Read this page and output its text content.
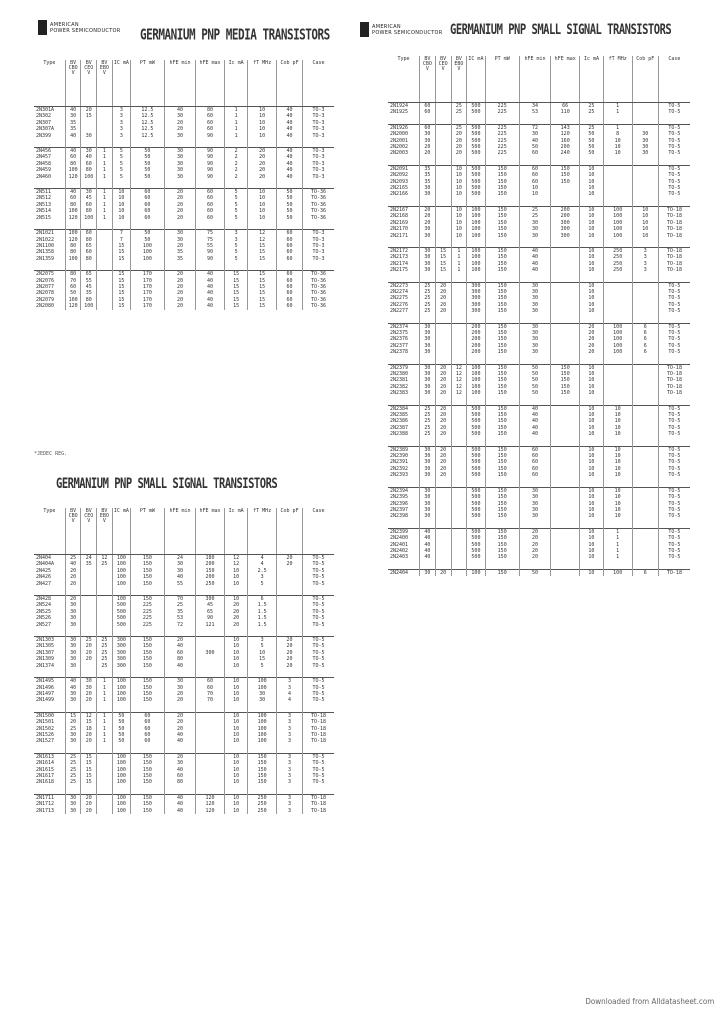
AMERICAN
POWER SEMICONDUCTOR GERMANIUM PNP MEDIA TRANSISTORS
Type	BV CBO V	BV CEO V	BV EBO V	IC mA	PT mW	hFE min	hFE max	Ic mA	fT MHz	Cob pF	Case
2N301A	40	20		3	12.5	40	80	1	10	40	TO-3
2N302	30	15		3	12.5	30	60	1	10	40	TO-3
2N307	35			3	12.5	20	60	1	10	40	TO-3
2N307A	35			3	12.5	20	60	1	10	40	TO-3
2N399	40	30		3	12.5	30	90	1	10	40	TO-3

2N456	40	30	1	5	50	30	90	2	20	40	TO-3
2N457	60	40	1	5	50	30	90	2	20	40	TO-3
2N458	80	60	1	5	50	30	90	2	20	40	TO-3
2N459	100	80	1	5	50	30	90	2	20	40	TO-3
2N460	120	100	1	5	50	30	90	2	20	40	TO-3

2N511	40	30	1	10	60	20	60	5	10	50	TO-36
2N512	60	45	1	10	60	20	60	5	10	50	TO-36
2N513	80	60	1	10	60	20	60	5	10	50	TO-36
2N514	100	80	1	10	60	20	60	5	10	50	TO-36
2N515	120	100	1	10	60	20	60	5	10	50	TO-36

2N1021	100	60		7	50	30	75	3	12	60	TO-3
2N1022	120	80		7	50	30	75	3	12	60	TO-3
2N1100	80	65		15	100	20	55	5	15	60	TO-3
2N1358	80	60		15	100	35	90	5	15	60	TO-3
2N1359	100	80		15	100	35	90	5	15	60	TO-3

2N2075	80	65		15	170	20	40	15	15	60	TO-36
2N2076	70	55		15	170	20	40	15	15	60	TO-36
2N2077	60	45		15	170	20	40	15	15	60	TO-36
2N2078	50	35		15	170	20	40	15	15	60	TO-36
2N2079	100	80		15	170	20	40	15	15	60	TO-36
2N2080	120	100		15	170	20	40	15	15	60	TO-36
*JEDEC REG.
GERMANIUM PNP SMALL SIGNAL TRANSISTORS
Type	BV CBO V	BV CEO V	BV EBO V	IC mA	PT mW	hFE min	hFE max	Ic mA	fT MHz	Cob pF	Case
2N404	25	24	12	100	150	24	180	12	4	20	TO-5
2N404A	40	35	25	100	150	30	200	12	4	20	TO-5
2N425	20			100	150	30	150	10	2.5		TO-5
2N426	20			100	150	40	200	10	3		TO-5
2N427	20			100	150	55	250	10	5		TO-5

2N428	20			100	150	70	300	10	6		TO-5
2N524	30			500	225	25	45	20	1.5		TO-5
2N525	30			500	225	35	65	20	1.5		TO-5
2N526	30			500	225	53	90	20	1.5		TO-5
2N527	30			500	225	72	121	20	1.5		TO-5

2N1303	30	25	25	300	150	20		10	3	20	TO-5
2N1305	30	20	25	300	150	40		10	5	20	TO-5
2N1307	30	20	25	300	150	60	300	10	10	20	TO-5
2N1309	30	20	25	300	150	80		10	15	20	TO-5
2N1374	30		25	300	150	40		10	5	20	TO-5

2N1495	40	30	1	100	150	30	60	10	100	3	TO-5
2N1496	40	30	1	100	150	30	60	10	100	3	TO-5
2N1497	30	20	1	100	150	20	70	10	30	4	TO-5
2N1499	30	20	1	100	150	20	70	10	30	4	TO-5

2N1500	15	12	1	50	60	20		10	100	3	TO-18
2N1501	20	15	1	50	60	20		10	100	3	TO-18
2N1502	25	18	1	50	60	20		10	100	3	TO-18
2N1526	30	20	1	50	60	40		10	100	3	TO-18
2N1527	30	20	1	50	60	40		10	100	3	TO-18

2N1613	25	15		100	150	20		10	150	3	TO-5
2N1614	25	15		100	150	30		10	150	3	TO-5
2N1615	25	15		100	150	40		10	150	3	TO-5
2N1617	25	15		100	150	60		10	150	3	TO-5
2N1618	25	15		100	150	80		10	150	3	TO-5

2N1711	30	20		100	150	40	120	10	250	3	TO-18
2N1712	30	20		100	150	40	120	10	250	3	TO-18
2N1713	30	20		100	150	40	120	10	250	3	TO-18
AMERICAN
POWER SEMICONDUCTOR GERMANIUM PNP SMALL SIGNAL TRANSISTORS
Type	BV CBO V	BV CEO V	BV EBO V	IC mA	PT mW	hFE min	hFE max	Ic mA	fT MHz	Cob pF	Case
2N1924	60		25	500	225	34	66	25	1		TO-5
2N1925	60		25	500	225	53	110	25	1		TO-5

2N1926	60		25	500	225	72	143	25	1		TO-5
2N2000	30		20	500	225	30	120	50	8	30	TO-5
2N2001	30		20	500	225	40	160	50	10	30	TO-5
2N2002	20		20	500	225	50	200	50	10	30	TO-5
2N2003	20		20	500	225	60	240	50	10	30	TO-5

2N2091	35		10	500	150	60	150	10			TO-5
2N2092	35		10	500	150	60	150	10			TO-5
2N2093	35		10	500	150	60	150	10			TO-5
2N2165	30		10	500	150	10		10			TO-5
2N2166	30		10	500	150	10		10			TO-5

2N2167	20		10	100	150	25	200	10	100	10	TO-18
2N2168	20		10	100	150	25	200	10	100	10	TO-18
2N2169	20		10	100	150	30	300	10	100	10	TO-18
2N2170	30		10	100	150	30	300	10	100	10	TO-18
2N2171	30		10	100	150	30	300	10	100	10	TO-18

2N2172	30	15	1	100	150	40		10	250	3	TO-18
2N2173	30	15	1	100	150	40		10	250	3	TO-18
2N2174	30	15	1	100	150	40		10	250	3	TO-18
2N2175	30	15	1	100	150	40		10	250	3	TO-18

2N2273	25	20		300	150	30		10			TO-5
2N2274	25	20		300	150	30		10			TO-5
2N2275	25	20		300	150	30		10			TO-5
2N2276	25	20		300	150	30		10			TO-5
2N2277	25	20		300	150	30		10			TO-5

2N2374	30			200	150	30		20	100	6	TO-5
2N2375	30			200	150	30		20	100	6	TO-5
2N2376	30			200	150	30		20	100	6	TO-5
2N2377	30			200	150	30		20	100	6	TO-5
2N2378	30			200	150	30		20	100	6	TO-5

2N2379	30	20	12	100	150	50	150	10			TO-18
2N2380	30	20	12	100	150	50	150	10			TO-18
2N2381	30	20	12	100	150	50	150	10			TO-18
2N2382	30	20	12	100	150	50	150	10			TO-18
2N2383	30	20	12	100	150	50	150	10			TO-18

2N2384	25	20		500	150	40		10	10		TO-5
2N2385	25	20		500	150	40		10	10		TO-5
2N2386	25	20		500	150	40		10	10		TO-5
2N2387	25	20		500	150	40		10	10		TO-5
2N2388	25	20		500	150	40		10	10		TO-5

2N2389	30	20		500	150	60		10	10		TO-5
2N2390	30	20		500	150	60		10	10		TO-5
2N2391	30	20		500	150	60		10	10		TO-5
2N2392	30	20		500	150	60		10	10		TO-5
2N2393	30	20		500	150	60		10	10		TO-5

2N2394	30			500	150	30		10	10		TO-5
2N2395	30			500	150	30		10	10		TO-5
2N2396	30			500	150	30		10	10		TO-5
2N2397	30			500	150	30		10	10		TO-5
2N2398	30			500	150	30		10	10		TO-5

2N2399	40			500	150	20		10	1		TO-5
2N2400	40			500	150	20		10	1		TO-5
2N2401	40			500	150	20		10	1		TO-5
2N2402	40			500	150	20		10	1		TO-5
2N2403	40			500	150	20		10	1		TO-5

2N2404	30	20		100	150	50		10	100	6	TO-18
Downloaded from Alldatasheet.com
